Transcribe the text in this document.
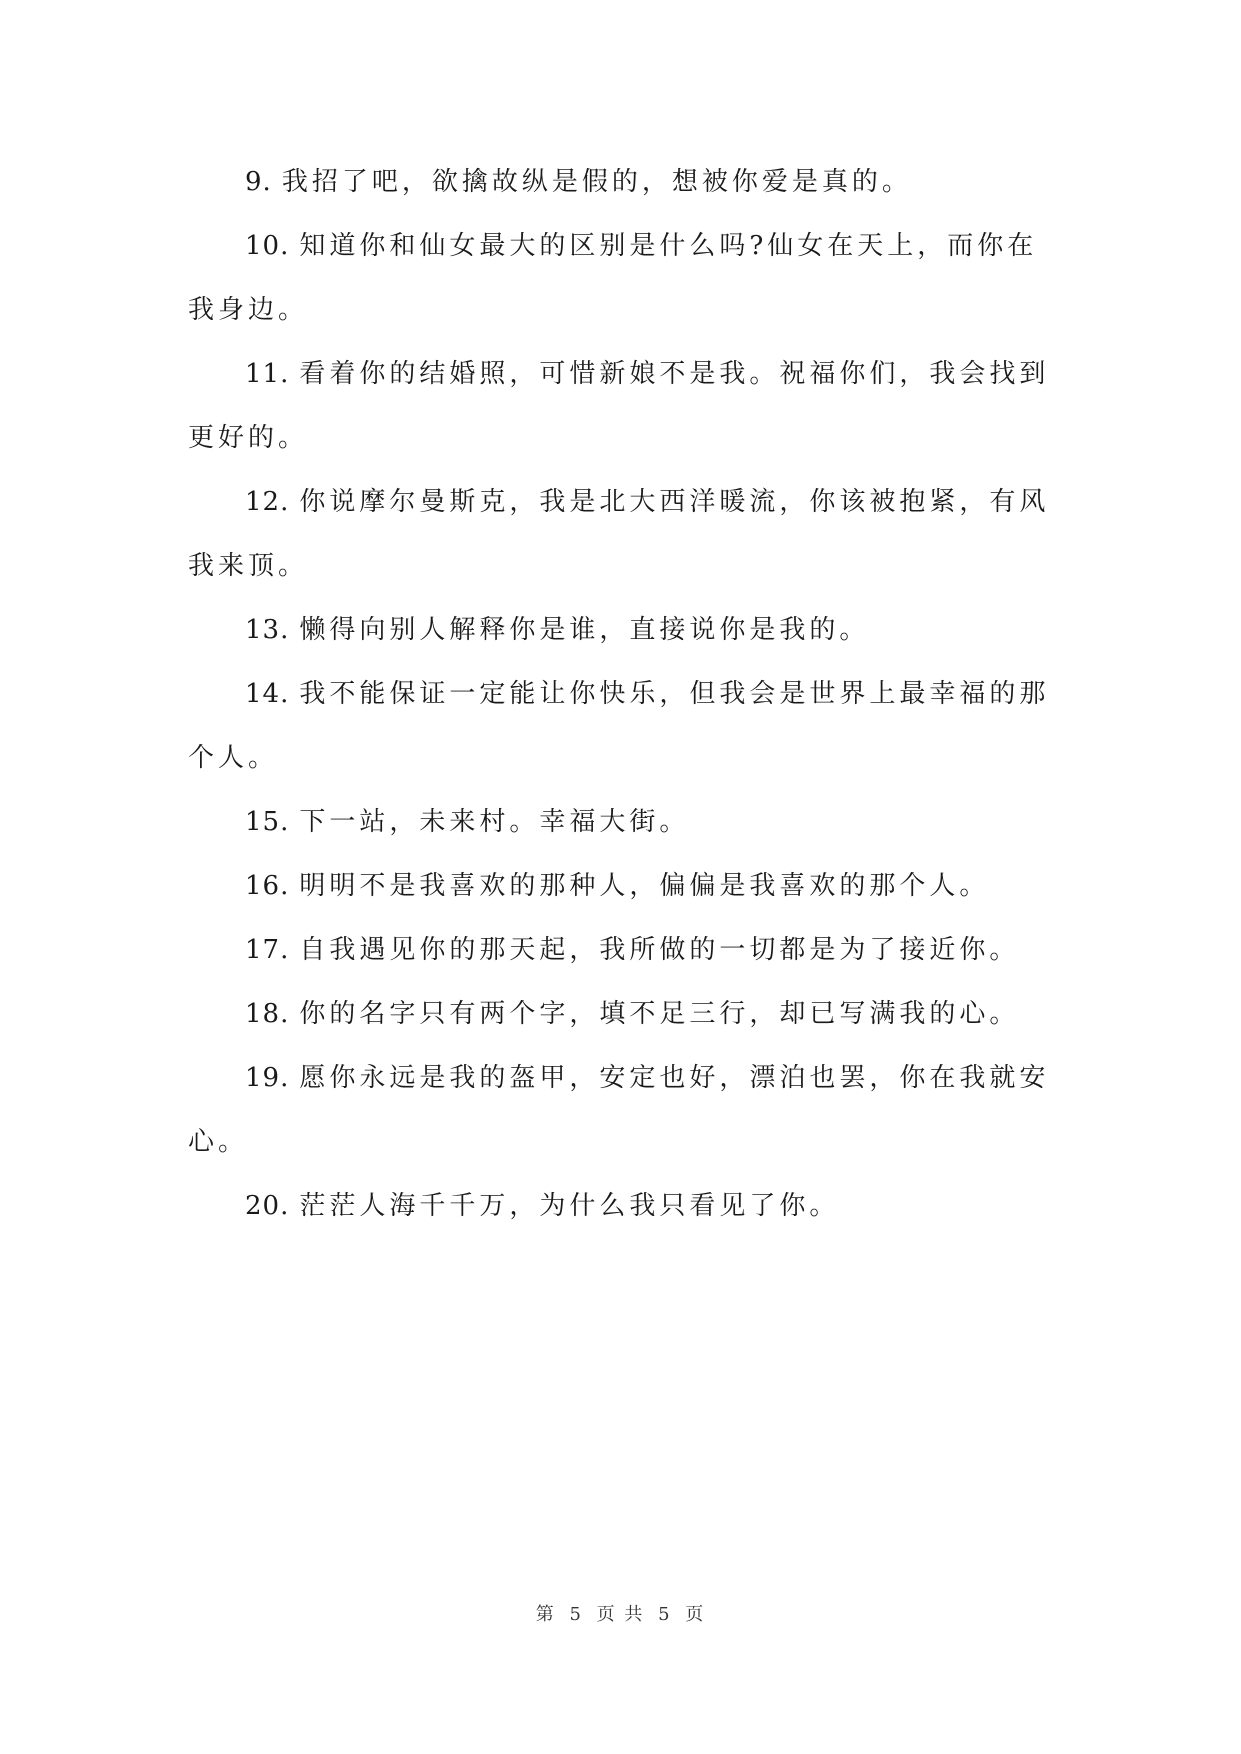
9. 我招了吧，欲擒故纵是假的，想被你爱是真的。

10. 知道你和仙女最大的区别是什么吗?仙女在天上，而你在我身边。

11. 看着你的结婚照，可惜新娘不是我。祝福你们，我会找到更好的。

12. 你说摩尔曼斯克，我是北大西洋暖流，你该被抱紧，有风我来顶。

13. 懒得向别人解释你是谁，直接说你是我的。

14. 我不能保证一定能让你快乐，但我会是世界上最幸福的那个人。

15. 下一站，未来村。幸福大街。

16. 明明不是我喜欢的那种人，偏偏是我喜欢的那个人。

17. 自我遇见你的那天起，我所做的一切都是为了接近你。

18. 你的名字只有两个字，填不足三行，却已写满我的心。

19. 愿你永远是我的盔甲，安定也好，漂泊也罢，你在我就安心。

20. 茫茫人海千千万，为什么我只看见了你。

第 5 页 共 5 页
